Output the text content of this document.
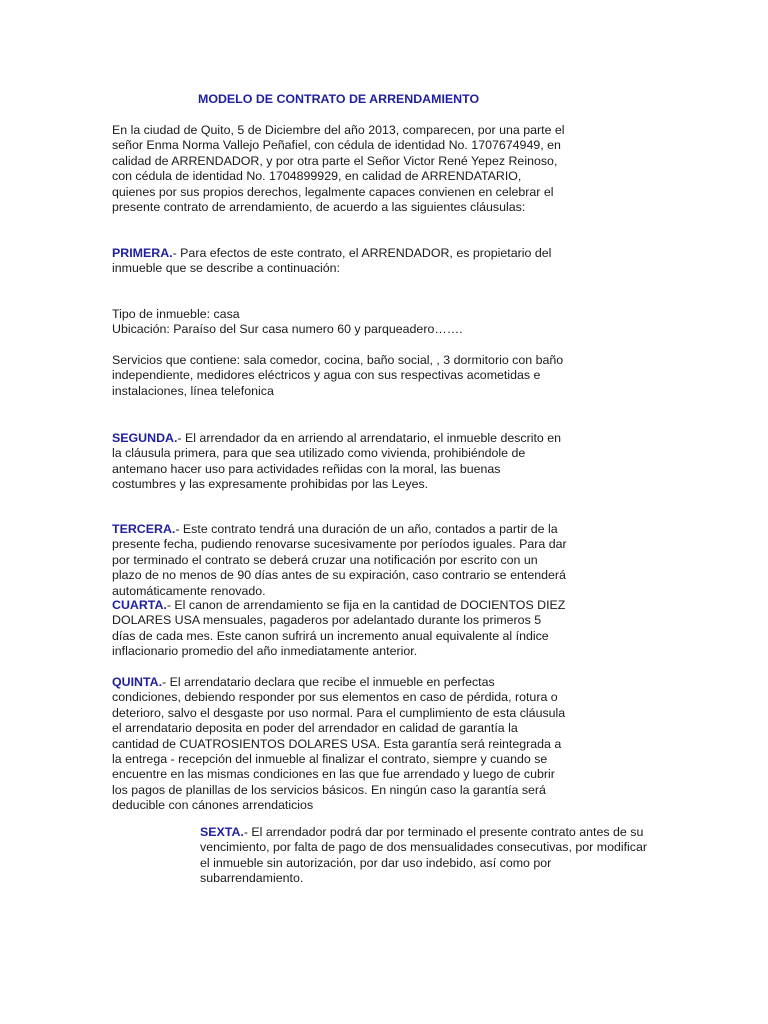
MODELO DE CONTRATO DE ARRENDAMIENTO
En la ciudad de Quito, 5 de Diciembre del año 2013, comparecen, por una parte el
señor Enma Norma Vallejo Peñafiel, con cédula de identidad No. 1707674949, en
calidad de ARRENDADOR, y por otra parte el Señor Victor René Yepez Reinoso,
con cédula de identidad No. 1704899929, en calidad de ARRENDATARIO,
quienes por sus propios derechos, legalmente capaces convienen en celebrar el
presente contrato de arrendamiento, de acuerdo a las siguientes cláusulas:
PRIMERA.- Para efectos de este contrato, el ARRENDADOR, es propietario del
inmueble que se describe a continuación:
Tipo de inmueble: casa
Ubicación: Paraíso del Sur casa numero 60 y parqueadero…….
Servicios que contiene: sala comedor, cocina, baño social, , 3 dormitorio con baño
independiente, medidores eléctricos y agua con sus respectivas acometidas e
instalaciones, línea telefonica
SEGUNDA.- El arrendador da en arriendo al arrendatario, el inmueble descrito en
la cláusula primera, para que sea utilizado como vivienda, prohibiéndole de
antemano hacer uso para actividades reñidas con la moral, las buenas
costumbres y las expresamente prohibidas por las Leyes.
TERCERA.- Este contrato tendrá una duración de un año, contados a partir de la
presente fecha, pudiendo renovarse sucesivamente por períodos iguales. Para dar
por terminado el contrato se deberá cruzar una notificación por escrito con un
plazo de no menos de 90 días antes de su expiración, caso contrario se entenderá
automáticamente renovado.
CUARTA.- El canon de arrendamiento se fija en la cantidad de DOCIENTOS DIEZ
DOLARES USA mensuales, pagaderos por adelantado durante los primeros 5
días de cada mes. Este canon sufrirá un incremento anual equivalente al índice
inflacionario promedio del año inmediatamente anterior.
QUINTA.- El arrendatario declara que recibe el inmueble en perfectas
condiciones, debiendo responder por sus elementos en caso de pérdida, rotura o
deterioro, salvo el desgaste por uso normal. Para el cumplimiento de esta cláusula
el arrendatario deposita en poder del arrendador en calidad de garantía la
cantidad de CUATROSIENTOS DOLARES USA. Esta garantía será reintegrada a
la entrega - recepción del inmueble al finalizar el contrato, siempre y cuando se
encuentre en las mismas condiciones en las que fue arrendado y luego de cubrir
los pagos de planillas de los servicios básicos. En ningún caso la garantía será
deducible con cánones arrendaticios
SEXTA.- El arrendador podrá dar por terminado el presente contrato antes de su
vencimiento, por falta de pago de dos mensualidades consecutivas, por modificar
el inmueble sin autorización, por dar uso indebido, así como por
subarrendamiento.
